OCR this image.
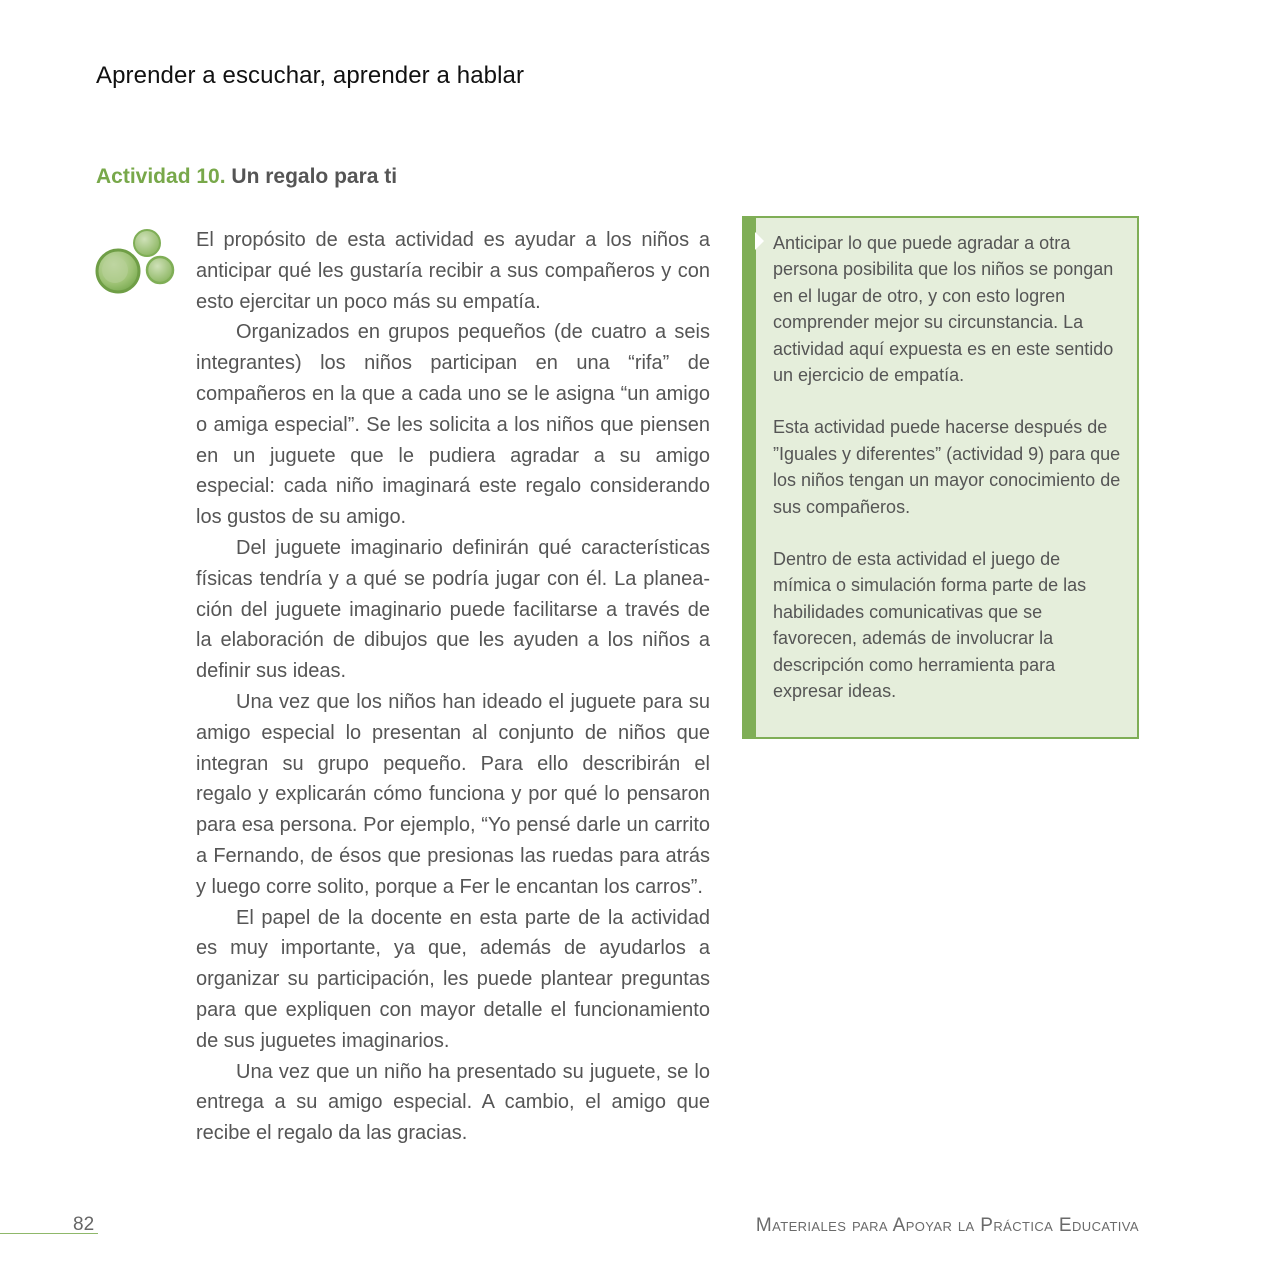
Aprender a escuchar, aprender a hablar
Actividad 10. Un regalo para ti

El propósito de esta actividad es ayudar a los niños a anticipar qué les gustaría recibir a sus compañeros y con esto ejercitar un poco más su empatía.

Organizados en grupos pequeños (de cuatro a seis integrantes) los niños participan en una “rifa” de compañeros en la que a cada uno se le asigna “un amigo o amiga especial”. Se les solicita a los niños que piensen en un juguete que le pudiera agradar a su amigo especial: cada niño imaginará este regalo considerando los gustos de su amigo.

Del juguete imaginario definirán qué características físicas tendría y a qué se podría jugar con él. La planeación del juguete imaginario puede facilitarse a través de la elaboración de dibujos que les ayuden a los niños a definir sus ideas.

Una vez que los niños han ideado el juguete para su amigo especial lo presentan al conjunto de niños que integran su grupo pequeño. Para ello describirán el regalo y explicarán cómo funciona y por qué lo pensaron para esa persona. Por ejemplo, “Yo pensé darle un carrito a Fernando, de ésos que presionas las ruedas para atrás y luego corre solito, porque a Fer le encantan los carros”.

El papel de la docente en esta parte de la actividad es muy importante, ya que, además de ayudarlos a organizar su participación, les puede plantear preguntas para que expliquen con mayor detalle el funcionamiento de sus juguetes imaginarios.

Una vez que un niño ha presentado su juguete, se lo entrega a su amigo especial. A cambio, el amigo que recibe el regalo da las gracias.

Anticipar lo que puede agradar a otra persona posibilita que los niños se pongan en el lugar de otro, y con esto logren comprender mejor su circunstancia. La actividad aquí expuesta es en este sentido un ejercicio de empatía.

Esta actividad puede hacerse después de ”Iguales y diferentes” (actividad 9) para que los niños tengan un mayor conocimiento de sus compañeros.

Dentro de esta actividad el juego de mímica o simulación forma parte de las habilidades comunicativas que se favorecen, además de involucrar la descripción como herramienta para expresar ideas.

82	Materiales para Apoyar la Práctica Educativa
